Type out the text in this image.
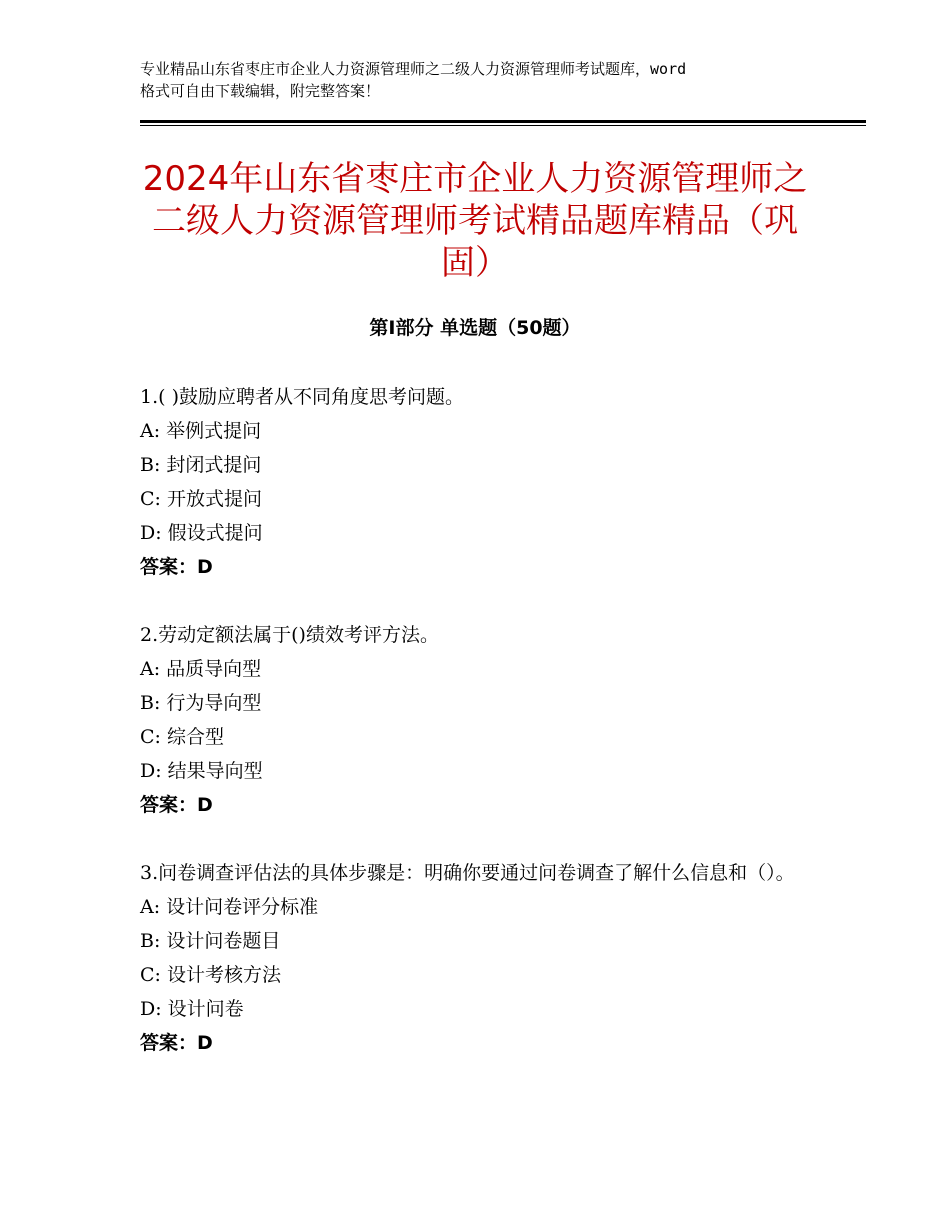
专业精品山东省枣庄市企业人力资源管理师之二级人力资源管理师考试题库，word
格式可自由下载编辑，附完整答案！
2024年山东省枣庄市企业人力资源管理师之二级人力资源管理师考试精品题库精品（巩固）
第Ⅰ部分 单选题（50题）
1.( )鼓励应聘者从不同角度思考问题。
A: 举例式提问
B: 封闭式提问
C: 开放式提问
D: 假设式提问
答案：D
2.劳动定额法属于()绩效考评方法。
A: 品质导向型
B: 行为导向型
C: 综合型
D: 结果导向型
答案：D
3.问卷调查评估法的具体步骤是：明确你要通过问卷调查了解什么信息和（）。
A: 设计问卷评分标准
B: 设计问卷题目
C: 设计考核方法
D: 设计问卷
答案：D
